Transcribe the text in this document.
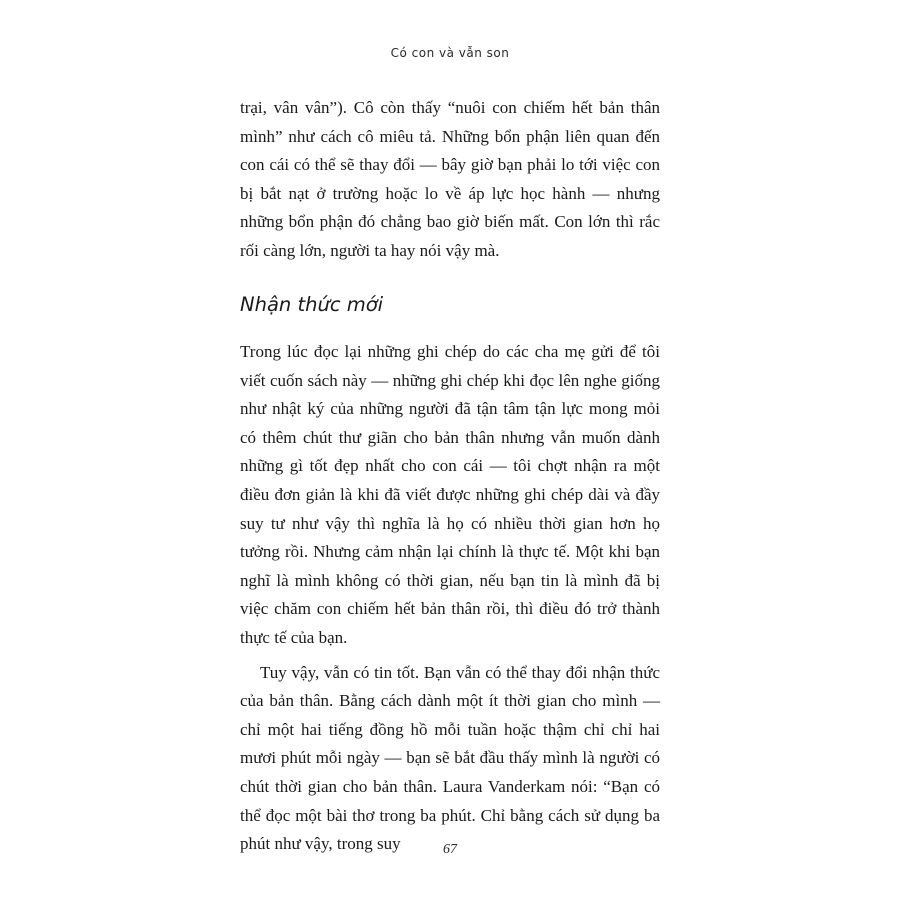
Có con và vẫn son

trại, vân vân”). Cô còn thấy “nuôi con chiếm hết bản thân mình” như cách cô miêu tả. Những bổn phận liên quan đến con cái có thể sẽ thay đổi — bây giờ bạn phải lo tới việc con bị bắt nạt ở trường hoặc lo về áp lực học hành — nhưng những bổn phận đó chẳng bao giờ biến mất. Con lớn thì rắc rối càng lớn, người ta hay nói vậy mà.

Nhận thức mới

Trong lúc đọc lại những ghi chép do các cha mẹ gửi để tôi viết cuốn sách này — những ghi chép khi đọc lên nghe giống như nhật ký của những người đã tận tâm tận lực mong mỏi có thêm chút thư giãn cho bản thân nhưng vẫn muốn dành những gì tốt đẹp nhất cho con cái — tôi chợt nhận ra một điều đơn giản là khi đã viết được những ghi chép dài và đầy suy tư như vậy thì nghĩa là họ có nhiều thời gian hơn họ tưởng rồi. Nhưng cảm nhận lại chính là thực tế. Một khi bạn nghĩ là mình không có thời gian, nếu bạn tin là mình đã bị việc chăm con chiếm hết bản thân rồi, thì điều đó trở thành thực tế của bạn.

Tuy vậy, vẫn có tin tốt. Bạn vẫn có thể thay đổi nhận thức của bản thân. Bằng cách dành một ít thời gian cho mình — chỉ một hai tiếng đồng hồ mỗi tuần hoặc thậm chỉ chỉ hai mươi phút mỗi ngày — bạn sẽ bắt đầu thấy mình là người có chút thời gian cho bản thân. Laura Vanderkam nói: “Bạn có thể đọc một bài thơ trong ba phút. Chỉ bằng cách sử dụng ba phút như vậy, trong suy	67
